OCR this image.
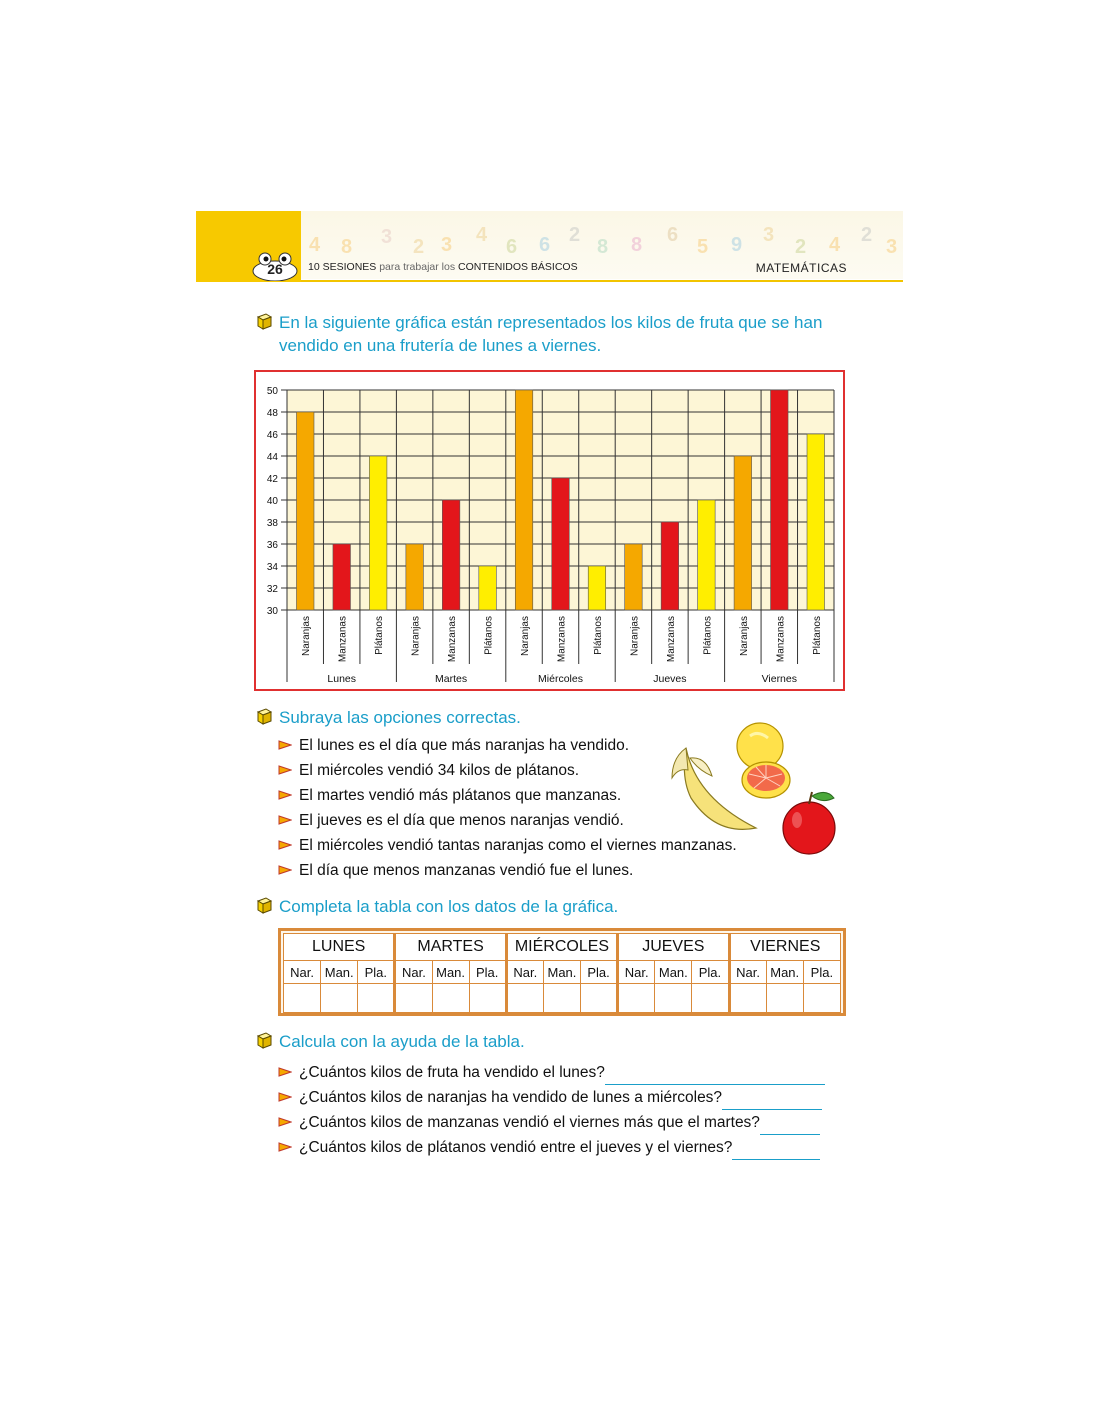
4 8 3 2 3 4
6 6 2
8 8 6
5 9 3
2 4 2
3
26	10 SESIONES para trabajar los CONTENIDOS BÁSICOS	MATEMÁTICAS
En la siguiente gráfica están representados los kilos de fruta que se han
vendido en una frutería de lunes a viernes.
30
32
34
36
38
40
42
44
46
48
50
Naranjas	Manzanas	Plátanos
Lunes
Naranjas	Manzanas	Plátanos
Martes
Naranjas	Manzanas	Plátanos
Miércoles
Naranjas	Manzanas	Plátanos
Jueves
Naranjas	Manzanas	Plátanos
Viernes
Subraya las opciones correctas.
El lunes es el día que más naranjas ha vendido.
El miércoles vendió 34 kilos de plátanos.
El martes vendió más plátanos que manzanas.
El jueves es el día que menos naranjas vendió.
El miércoles vendió tantas naranjas como el viernes manzanas.
El día que menos manzanas vendió fue el lunes.
Completa la tabla con los datos de la gráfica.
LUNES			MARTES			MIÉRCOLES			JUEVES			VIERNES		
Nar.	Man.	Pla.	Nar.	Man.	Pla.	Nar.	Man.	Pla.	Nar.	Man.	Pla.	Nar.	Man.	Pla.

Calcula con la ayuda de la tabla.
¿Cuántos kilos de fruta ha vendido el lunes?
¿Cuántos kilos de naranjas ha vendido de lunes a miércoles?
¿Cuántos kilos de manzanas vendió el viernes más que el martes?
¿Cuántos kilos de plátanos vendió entre el jueves y el viernes?
